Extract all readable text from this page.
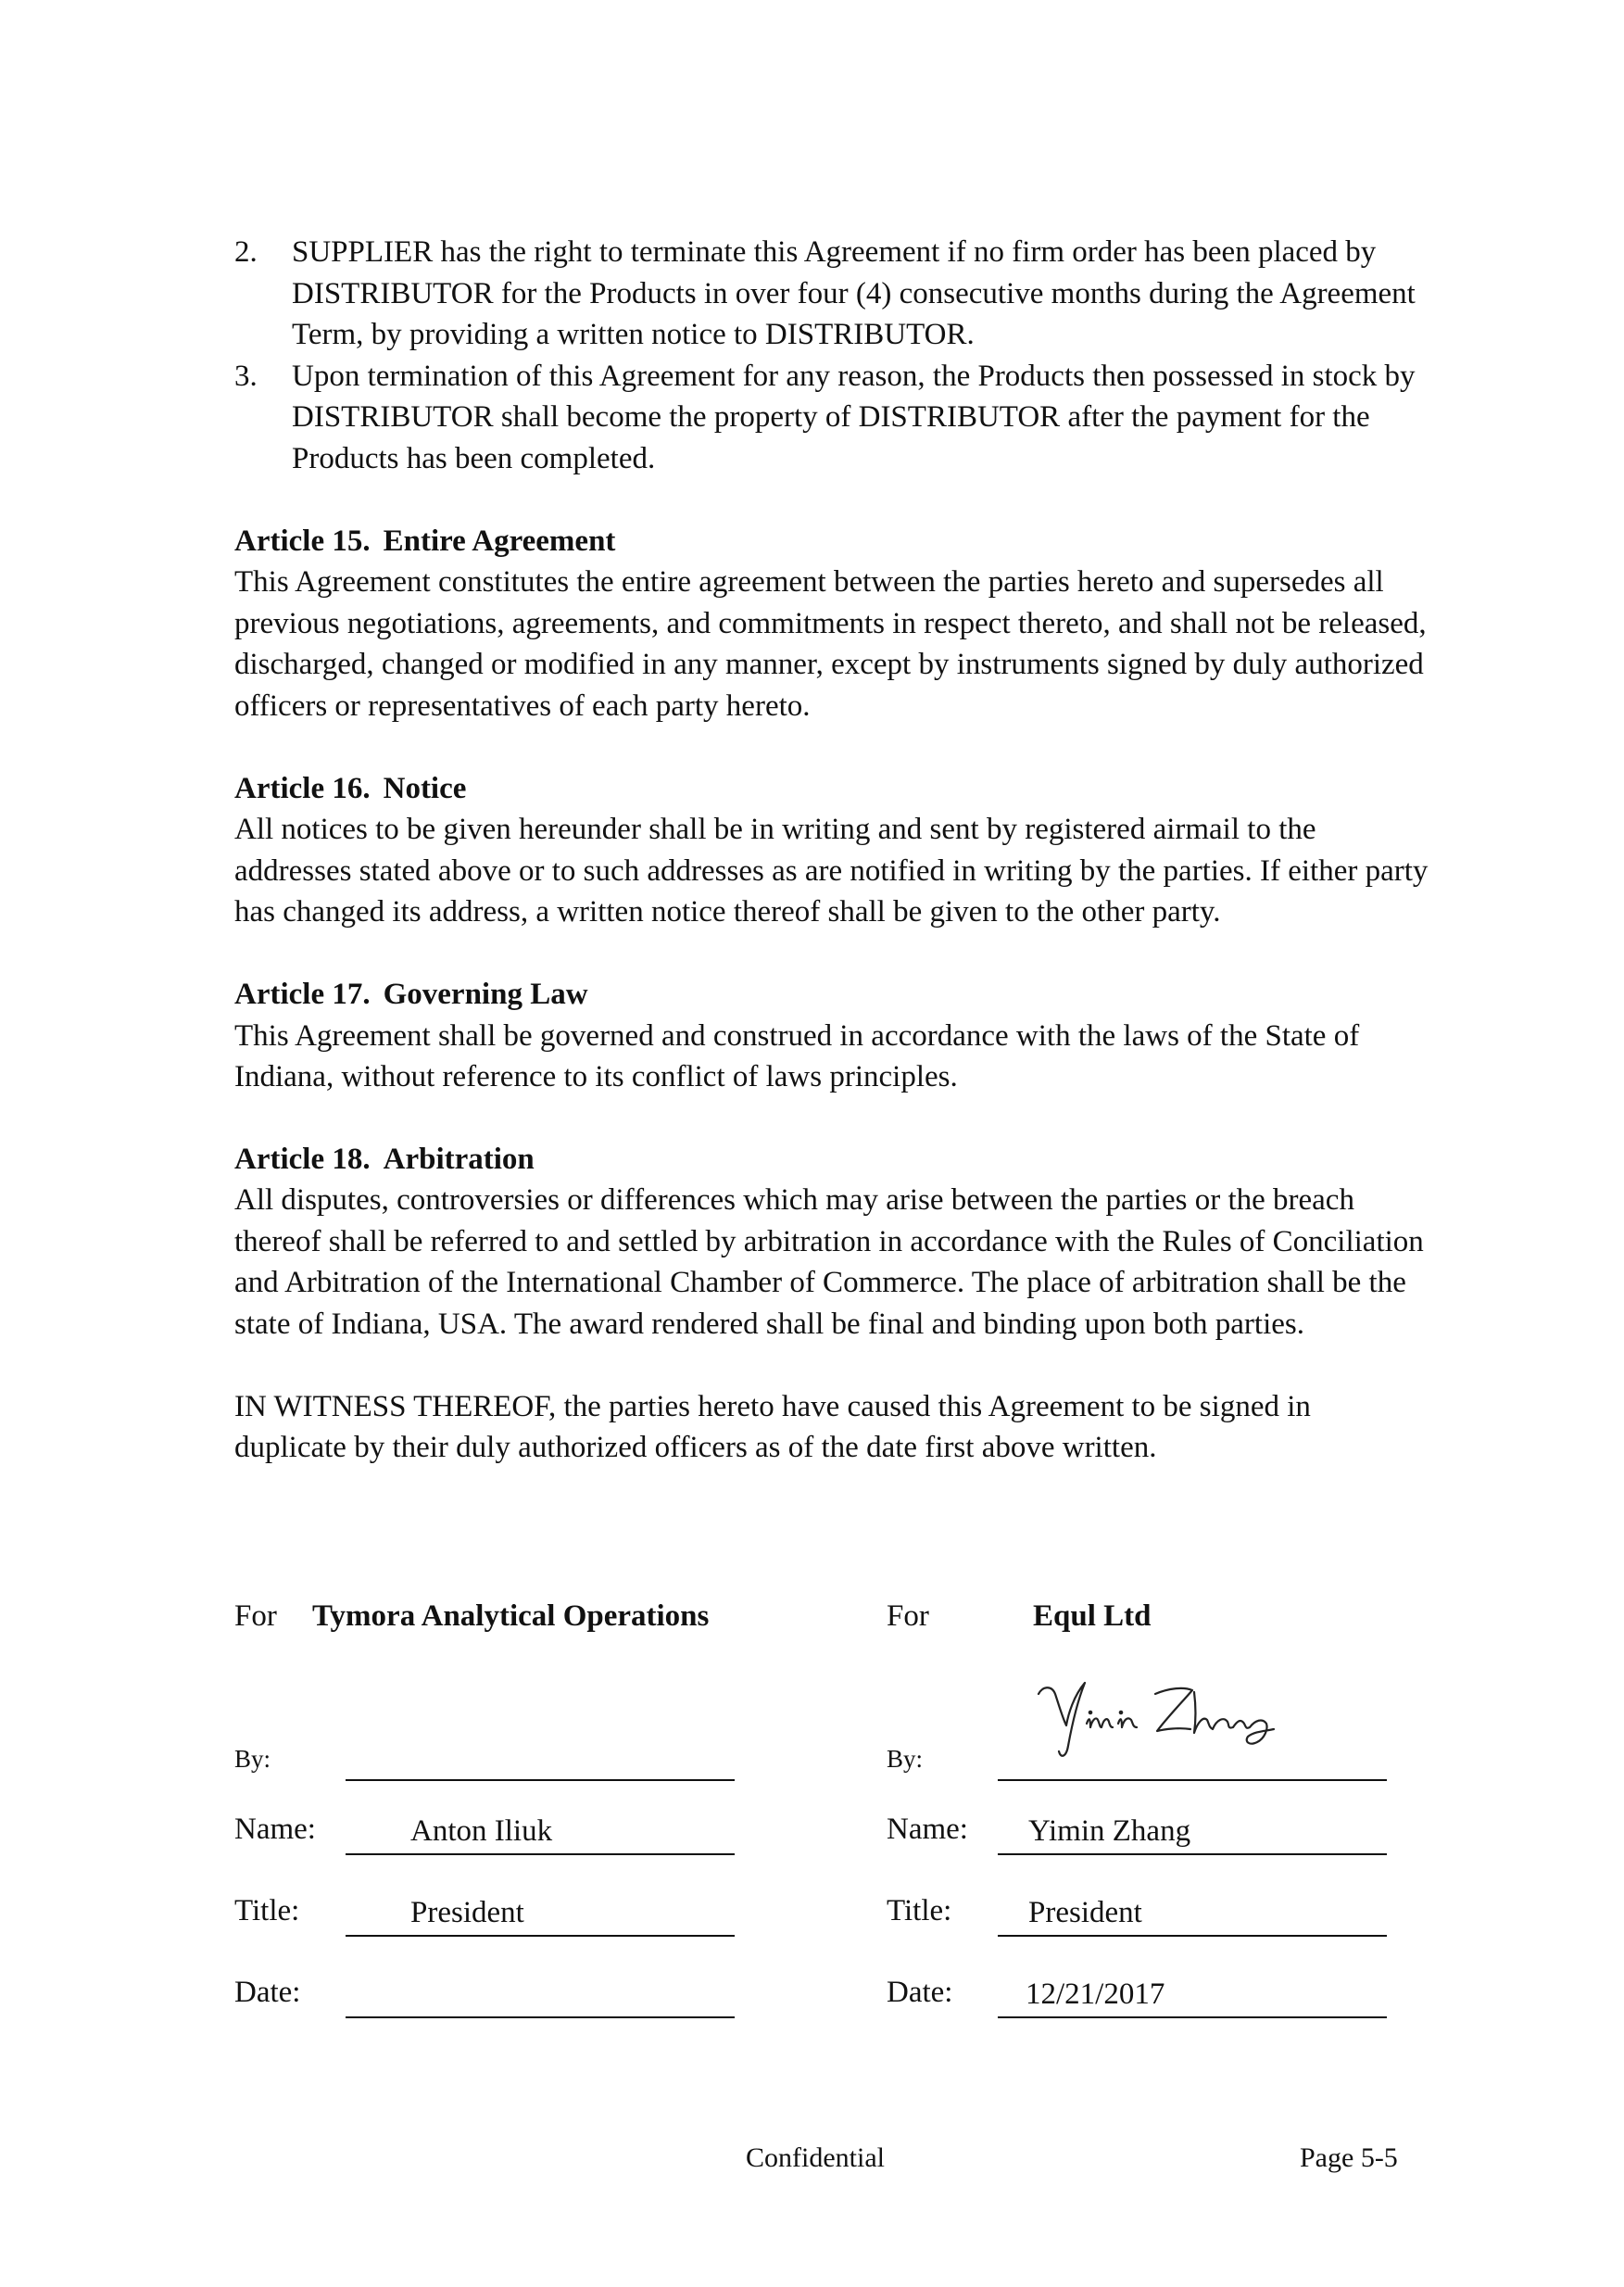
2. SUPPLIER has the right to terminate this Agreement if no firm order has been placed by DISTRIBUTOR for the Products in over four (4) consecutive months during the Agreement Term, by providing a written notice to DISTRIBUTOR.
3. Upon termination of this Agreement for any reason, the Products then possessed in stock by DISTRIBUTOR shall become the property of DISTRIBUTOR after the payment for the Products has been completed.
Article 15. Entire Agreement

This Agreement constitutes the entire agreement between the parties hereto and supersedes all previous negotiations, agreements, and commitments in respect thereto, and shall not be released, discharged, changed or modified in any manner, except by instruments signed by duly authorized officers or representatives of each party hereto.

Article 16. Notice

All notices to be given hereunder shall be in writing and sent by registered airmail to the addresses stated above or to such addresses as are notified in writing by the parties. If either party has changed its address, a written notice thereof shall be given to the other party.

Article 17. Governing Law

This Agreement shall be governed and construed in accordance with the laws of the State of Indiana, without reference to its conflict of laws principles.

Article 18. Arbitration

All disputes, controversies or differences which may arise between the parties or the breach thereof shall be referred to and settled by arbitration in accordance with the Rules of Conciliation and Arbitration of the International Chamber of Commerce. The place of arbitration shall be the state of Indiana, USA. The award rendered shall be final and binding upon both parties.

IN WITNESS THEREOF, the parties hereto have caused this Agreement to be signed in duplicate by their duly authorized officers as of the date first above written.

For Tymora Analytical Operations
By:
Name:	Anton Iliuk
Title:	President
Date:
For	Equl Ltd
By:
Name: Yimin Zhang
Title:	President
Date: 12/21/2017
Confidential	Page 5-5
